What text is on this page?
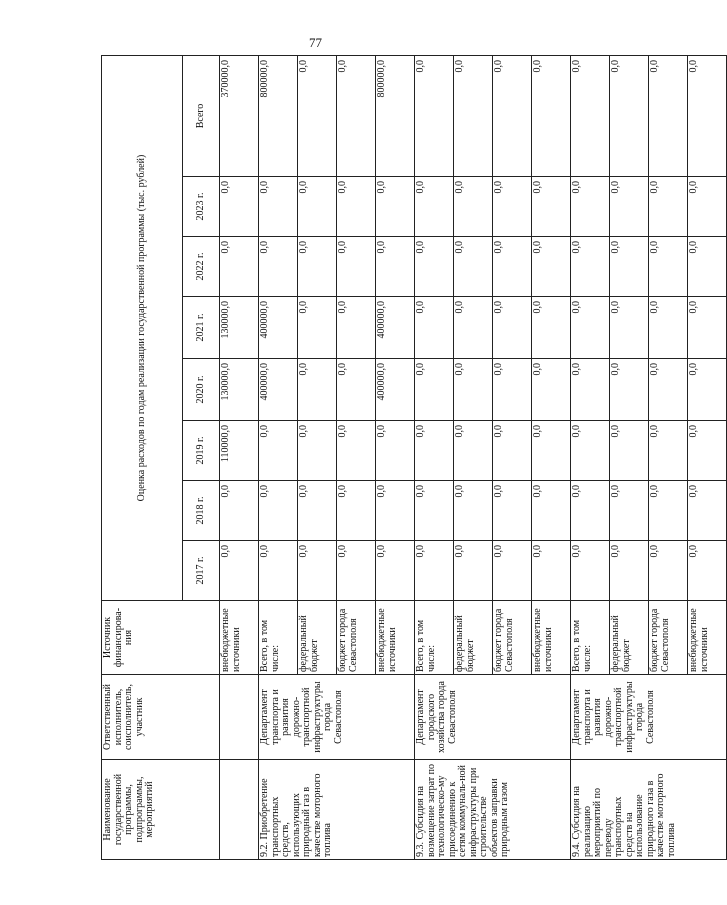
77
Наименование государственной программы, подпрограммы, мероприятий	Ответственный исполнитель, соисполнитель, участник	Источник финансирова-ния	Оценка расходов по годам реализации государственной программы (тыс. рублей)							
			2017 г.	2018 г.	2019 г.	2020 г.	2021 г.	2022 г.	2023 г.	Всего
		внебюджетные источники	0,0	0,0	110000,0	130000,0	130000,0	0,0	0,0	370000,0
9.2. Приобретение транспортных средств, использующих природный газ в качестве моторного топлива	Департамент транспорта и развития дорожно-транспортной инфраструктуры города Севастополя	Всего, в том числе:	0,0	0,0	0,0	400000,0	400000,0	0,0	0,0	800000,0
		федеральный бюджет	0,0	0,0	0,0	0,0	0,0	0,0	0,0	0,0
		бюджет города Севастополя	0,0	0,0	0,0	0,0	0,0	0,0	0,0	0,0
		внебюджетные источники	0,0	0,0	0,0	400000,0	400000,0	0,0	0,0	800000,0
9.3. Субсидия на возмещение затрат по технологическо-му присоединению к сетям коммуналь-ной инфраструктуры при строительстве объектов заправки природным газом	Департамент городского хозяйства города Севастополя	Всего, в том числе:	0,0	0,0	0,0	0,0	0,0	0,0	0,0	0,0
		федеральный бюджет	0,0	0,0	0,0	0,0	0,0	0,0	0,0	0,0
		бюджет города Севастополя	0,0	0,0	0,0	0,0	0,0	0,0	0,0	0,0
		внебюджетные источники	0,0	0,0	0,0	0,0	0,0	0,0	0,0	0,0
9.4. Субсидия на реализацию мероприятий по переводу транспортных средств на использование природного газа в качестве моторного топлива	Департамент транспорта и развития дорожно-транспортной инфраструктуры города Севастополя	Всего, в том числе:	0,0	0,0	0,0	0,0	0,0	0,0	0,0	0,0
		федеральный бюджет	0,0	0,0	0,0	0,0	0,0	0,0	0,0	0,0
		бюджет города Севастополя	0,0	0,0	0,0	0,0	0,0	0,0	0,0	0,0
		внебюджетные источники	0,0	0,0	0,0	0,0	0,0	0,0	0,0	0,0
